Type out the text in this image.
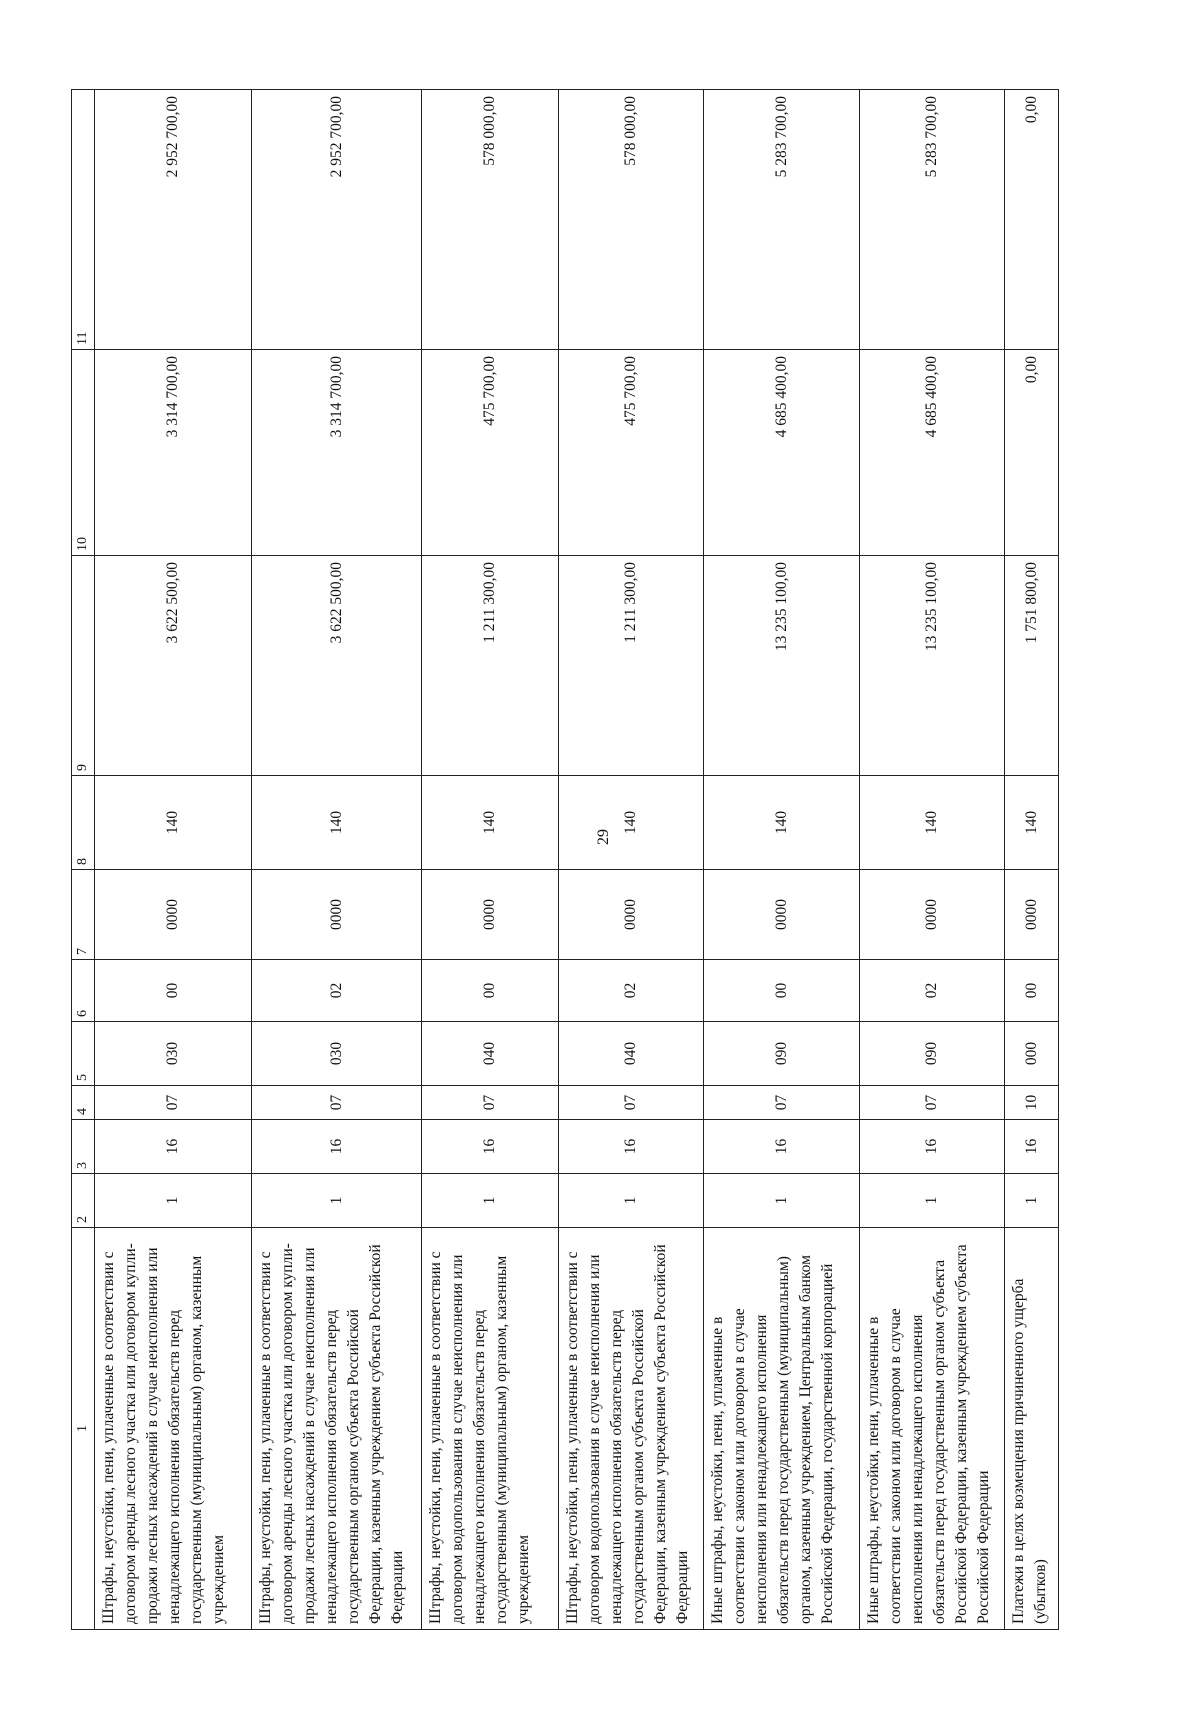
29
1	2	3	4	5	6	7	8	9	10	11
Штрафы, неустойки, пени, уплаченные в соответствии с договором аренды лесного участка или договором купли-продажи лесных насаждений в случае неисполнения или ненадлежащего исполнения обязательств перед государственным (муниципальным) органом, казенным учреждением	1	16	07	030	00	0000	140	3 622 500,00	3 314 700,00	2 952 700,00
Штрафы, неустойки, пени, уплаченные в соответствии с договором аренды лесного участка или договором купли-продажи лесных насаждений в случае неисполнения или ненадлежащего исполнения обязательств перед государственным органом субъекта Российской Федерации, казенным учреждением субъекта Российской Федерации	1	16	07	030	02	0000	140	3 622 500,00	3 314 700,00	2 952 700,00
Штрафы, неустойки, пени, уплаченные в соответствии с договором водопользования в случае неисполнения или ненадлежащего исполнения обязательств перед государственным (муниципальным) органом, казенным учреждением	1	16	07	040	00	0000	140	1 211 300,00	475 700,00	578 000,00
Штрафы, неустойки, пени, уплаченные в соответствии с договором водопользования в случае неисполнения или ненадлежащего исполнения обязательств перед государственным органом субъекта Российской Федерации, казенным учреждением субъекта Российской Федерации	1	16	07	040	02	0000	140	1 211 300,00	475 700,00	578 000,00
Иные штрафы, неустойки, пени, уплаченные в соответствии с законом или договором в случае неисполнения или ненадлежащего исполнения обязательств перед государственным (муниципальным) органом, казенным учреждением, Центральным банком Российской Федерации, государственной корпорацией	1	16	07	090	00	0000	140	13 235 100,00	4 685 400,00	5 283 700,00
Иные штрафы, неустойки, пени, уплаченные в соответствии с законом или договором в случае неисполнения или ненадлежащего исполнения обязательств перед государственным органом субъекта Российской Федерации, казенным учреждением субъекта Российской Федерации	1	16	07	090	02	0000	140	13 235 100,00	4 685 400,00	5 283 700,00
Платежи в целях возмещения причиненного ущерба (убытков)	1	16	10	000	00	0000	140	1 751 800,00	0,00	0,00
